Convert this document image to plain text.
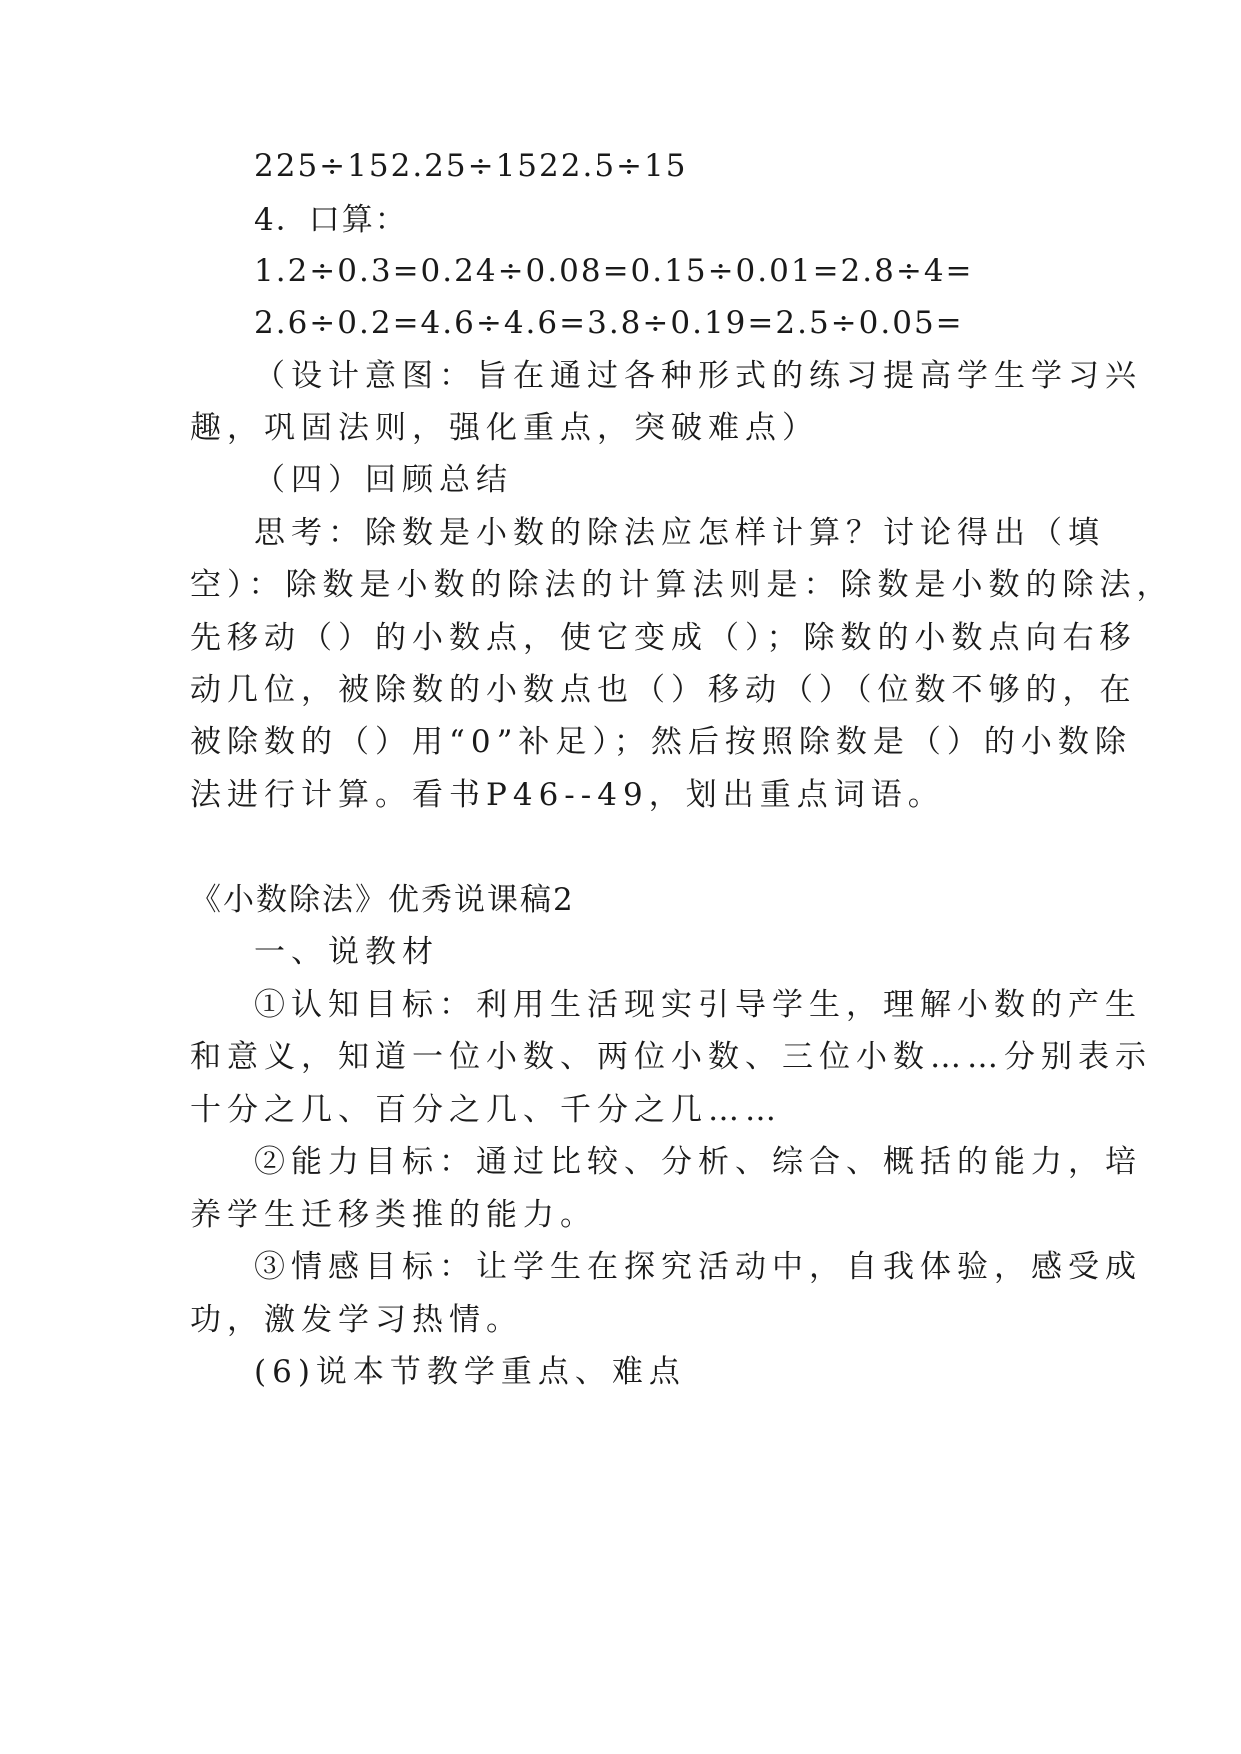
225÷152.25÷1522.5÷15
4．口算：
1.2÷0.3=0.24÷0.08=0.15÷0.01=2.8÷4=
2.6÷0.2=4.6÷4.6=3.8÷0.19=2.5÷0.05=
（设计意图：旨在通过各种形式的练习提高学生学习兴
趣，巩固法则，强化重点，突破难点）
（四）回顾总结
思考：除数是小数的除法应怎样计算？讨论得出（填
空）：除数是小数的除法的计算法则是：除数是小数的除法，
先移动（）的小数点，使它变成（）；除数的小数点向右移
动几位，被除数的小数点也（）移动（）（位数不够的，在
被除数的（）用“0”补足）；然后按照除数是（）的小数除
法进行计算。看书P46--49，划出重点词语。
《小数除法》优秀说课稿2
一、说教材
①认知目标：利用生活现实引导学生，理解小数的产生
和意义，知道一位小数、两位小数、三位小数……分别表示
十分之几、百分之几、千分之几……
②能力目标：通过比较、分析、综合、概括的能力，培
养学生迁移类推的能力。
③情感目标：让学生在探究活动中，自我体验，感受成
功，激发学习热情。
(6)说本节教学重点、难点
